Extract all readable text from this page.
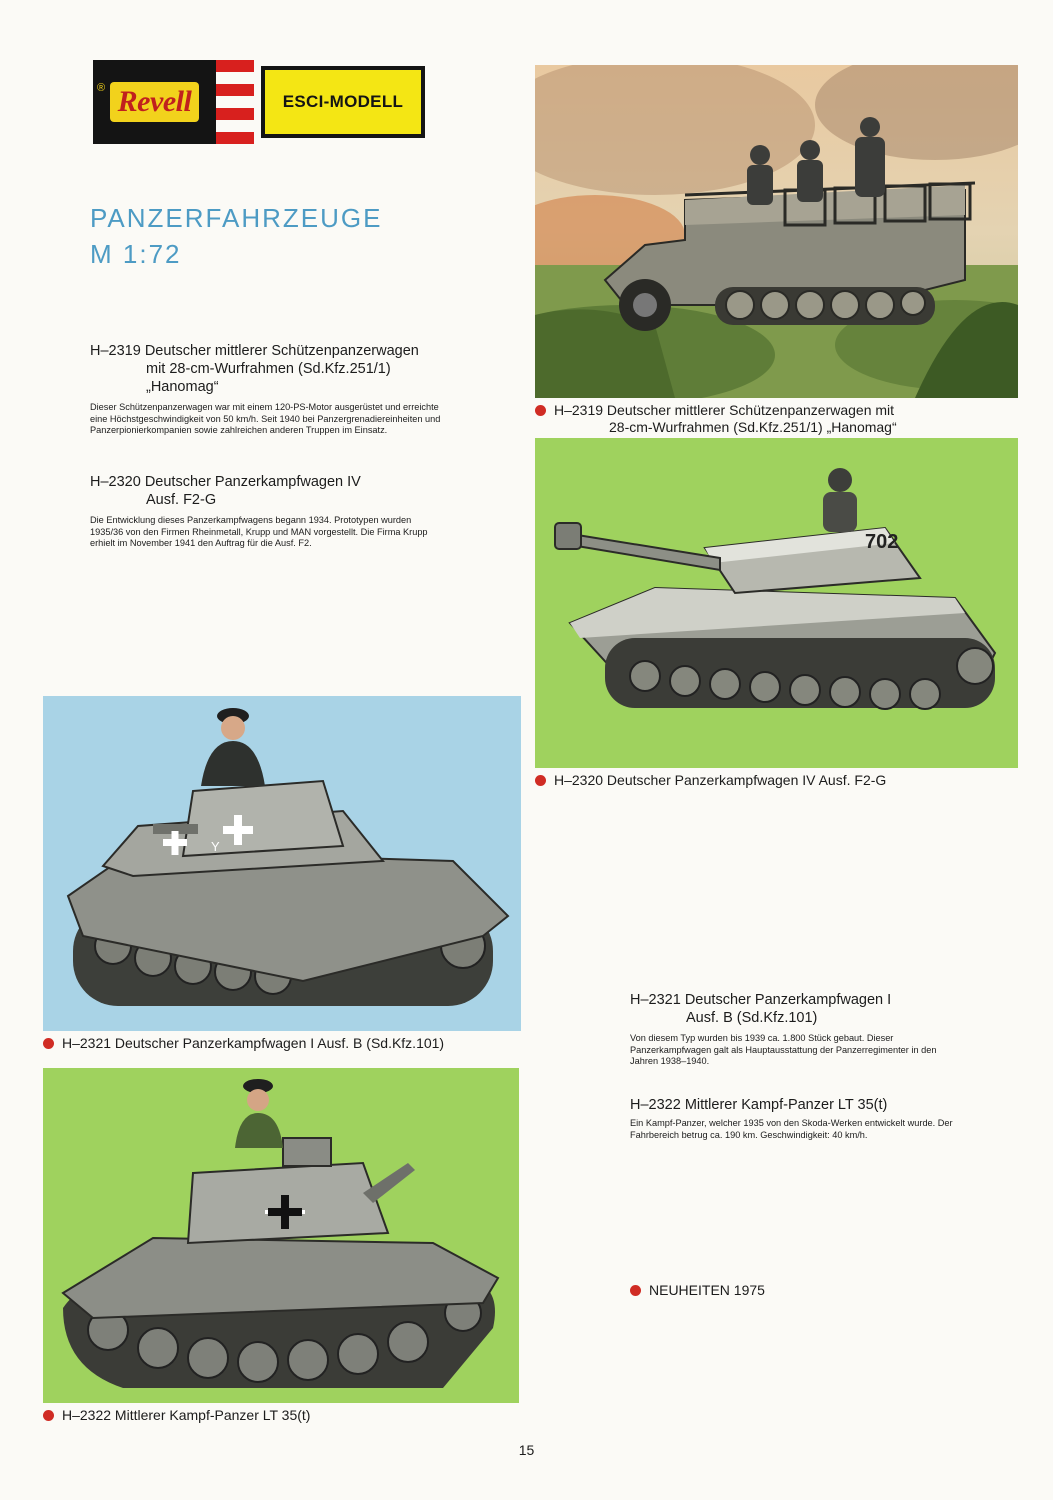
® Revell	ESCI-MODELL
PANZERFAHRZEUGE
M 1:72
H–2319 Deutscher mittlerer Schützenpanzerwagen
mit 28-cm-Wurfrahmen (Sd.Kfz.251/1)
„Hanomag“
Dieser Schützenpanzerwagen war mit einem 120-PS-Motor ausgerüstet und erreichte eine Höchstgeschwindigkeit von 50 km/h. Seit 1940 bei Panzergrenadiereinheiten und Panzerpionierkompanien sowie zahlreichen anderen Truppen im Einsatz.
H–2320 Deutscher Panzerkampfwagen IV
Ausf. F2-G
Die Entwicklung dieses Panzerkampfwagens begann 1934. Prototypen wurden 1935/36 von den Firmen Rheinmetall, Krupp und MAN vorgestellt. Die Firma Krupp erhielt im November 1941 den Auftrag für die Ausf. F2.
H–2321 Deutscher Panzerkampfwagen I
Ausf. B (Sd.Kfz.101)
Von diesem Typ wurden bis 1939 ca. 1.800 Stück gebaut. Dieser Panzerkampfwagen galt als Hauptausstattung der Panzerregimenter in den Jahren 1938–1940.
H–2322 Mittlerer Kampf-Panzer LT 35(t)
Ein Kampf-Panzer, welcher 1935 von den Skoda-Werken entwickelt wurde. Der Fahrbereich betrug ca. 190 km. Geschwindigkeit: 40 km/h.
H–2319 Deutscher mittlerer Schützenpanzerwagen mit
28-cm-Wurfrahmen (Sd.Kfz.251/1) „Hanomag“
702
H–2320 Deutscher Panzerkampfwagen IV Ausf. F2-G
Y
H–2321 Deutscher Panzerkampfwagen I Ausf. B (Sd.Kfz.101)
H–2322 Mittlerer Kampf-Panzer LT 35(t)
NEUHEITEN 1975
15
